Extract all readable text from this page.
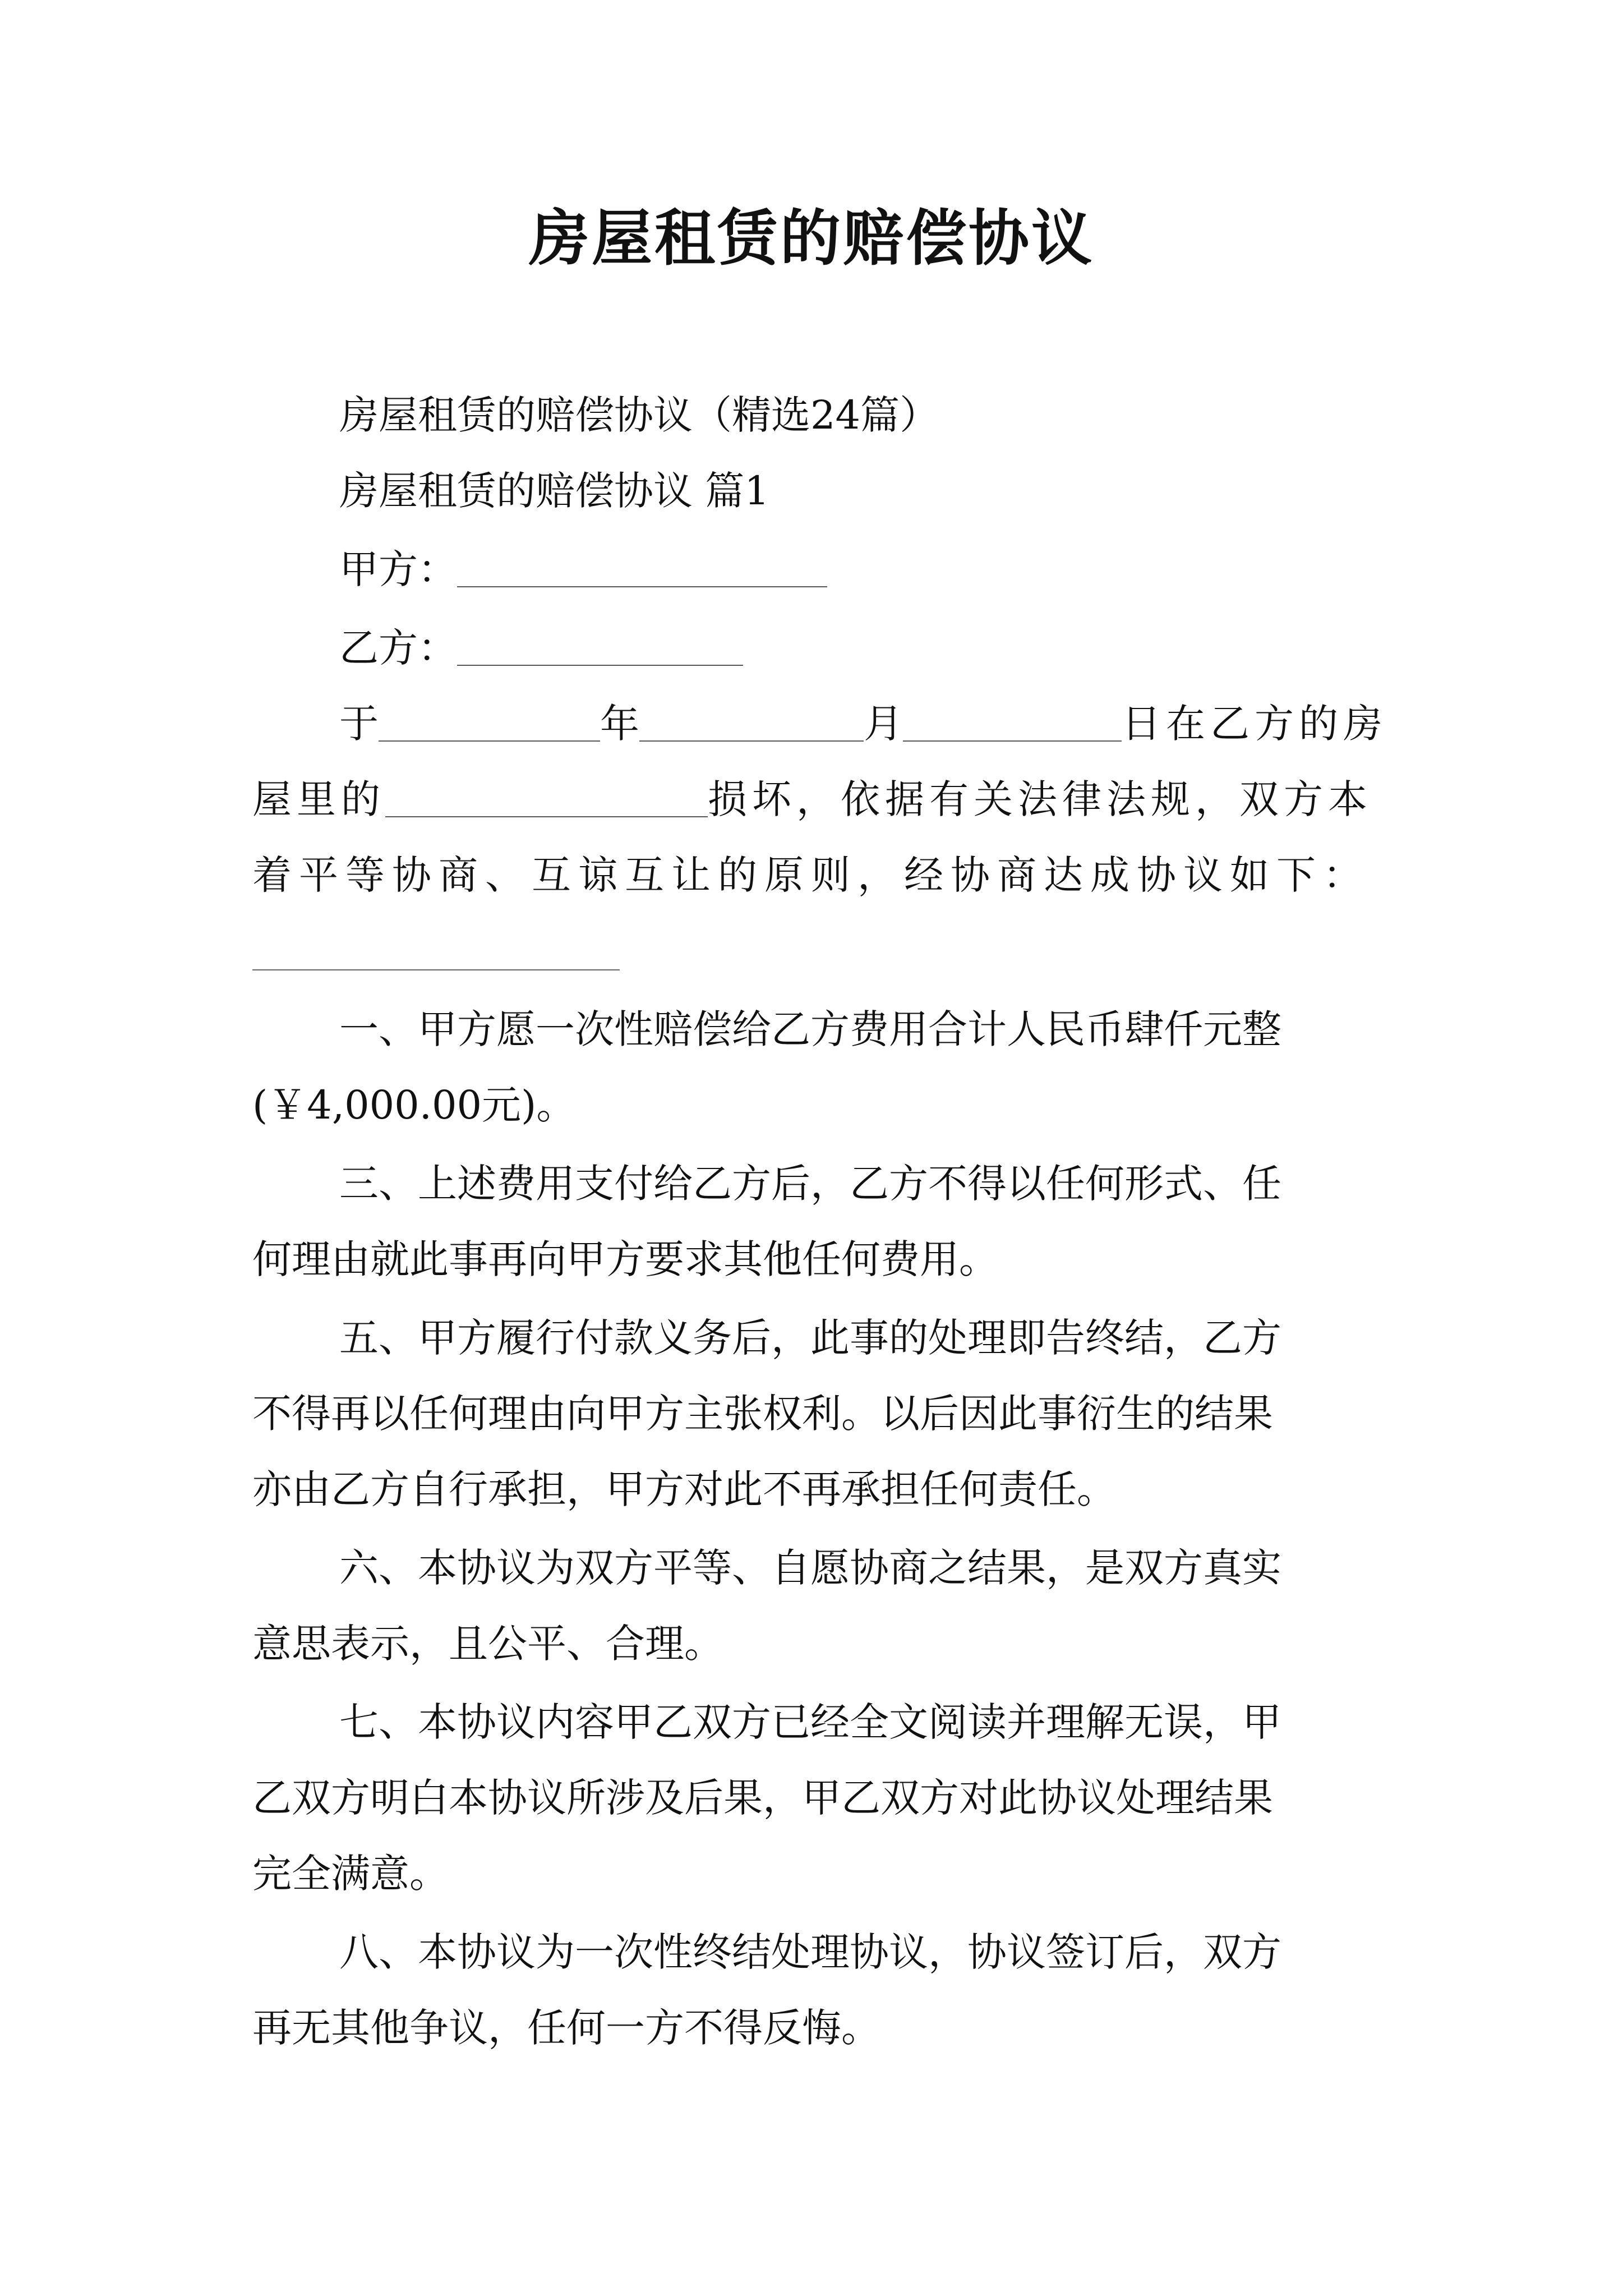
房屋租赁的赔偿协议

房屋租赁的赔偿协议（精选24篇）

房屋租赁的赔偿协议 篇1

甲方：

乙方：

于	年	月	日在乙方的房

屋里的	损坏，依据有关法律法规，双方本

着平等协商、互谅互让的原则，经协商达成协议如下：

一、甲方愿一次性赔偿给乙方费用合计人民币肆仟元整

(￥4,000.00元)。

三、上述费用支付给乙方后，乙方不得以任何形式、任

何理由就此事再向甲方要求其他任何费用。

五、甲方履行付款义务后，此事的处理即告终结，乙方

不得再以任何理由向甲方主张权利。以后因此事衍生的结果

亦由乙方自行承担，甲方对此不再承担任何责任。

六、本协议为双方平等、自愿协商之结果，是双方真实

意思表示，且公平、合理。

七、本协议内容甲乙双方已经全文阅读并理解无误，甲

乙双方明白本协议所涉及后果，甲乙双方对此协议处理结果

完全满意。

八、本协议为一次性终结处理协议，协议签订后，双方

再无其他争议，任何一方不得反悔。
